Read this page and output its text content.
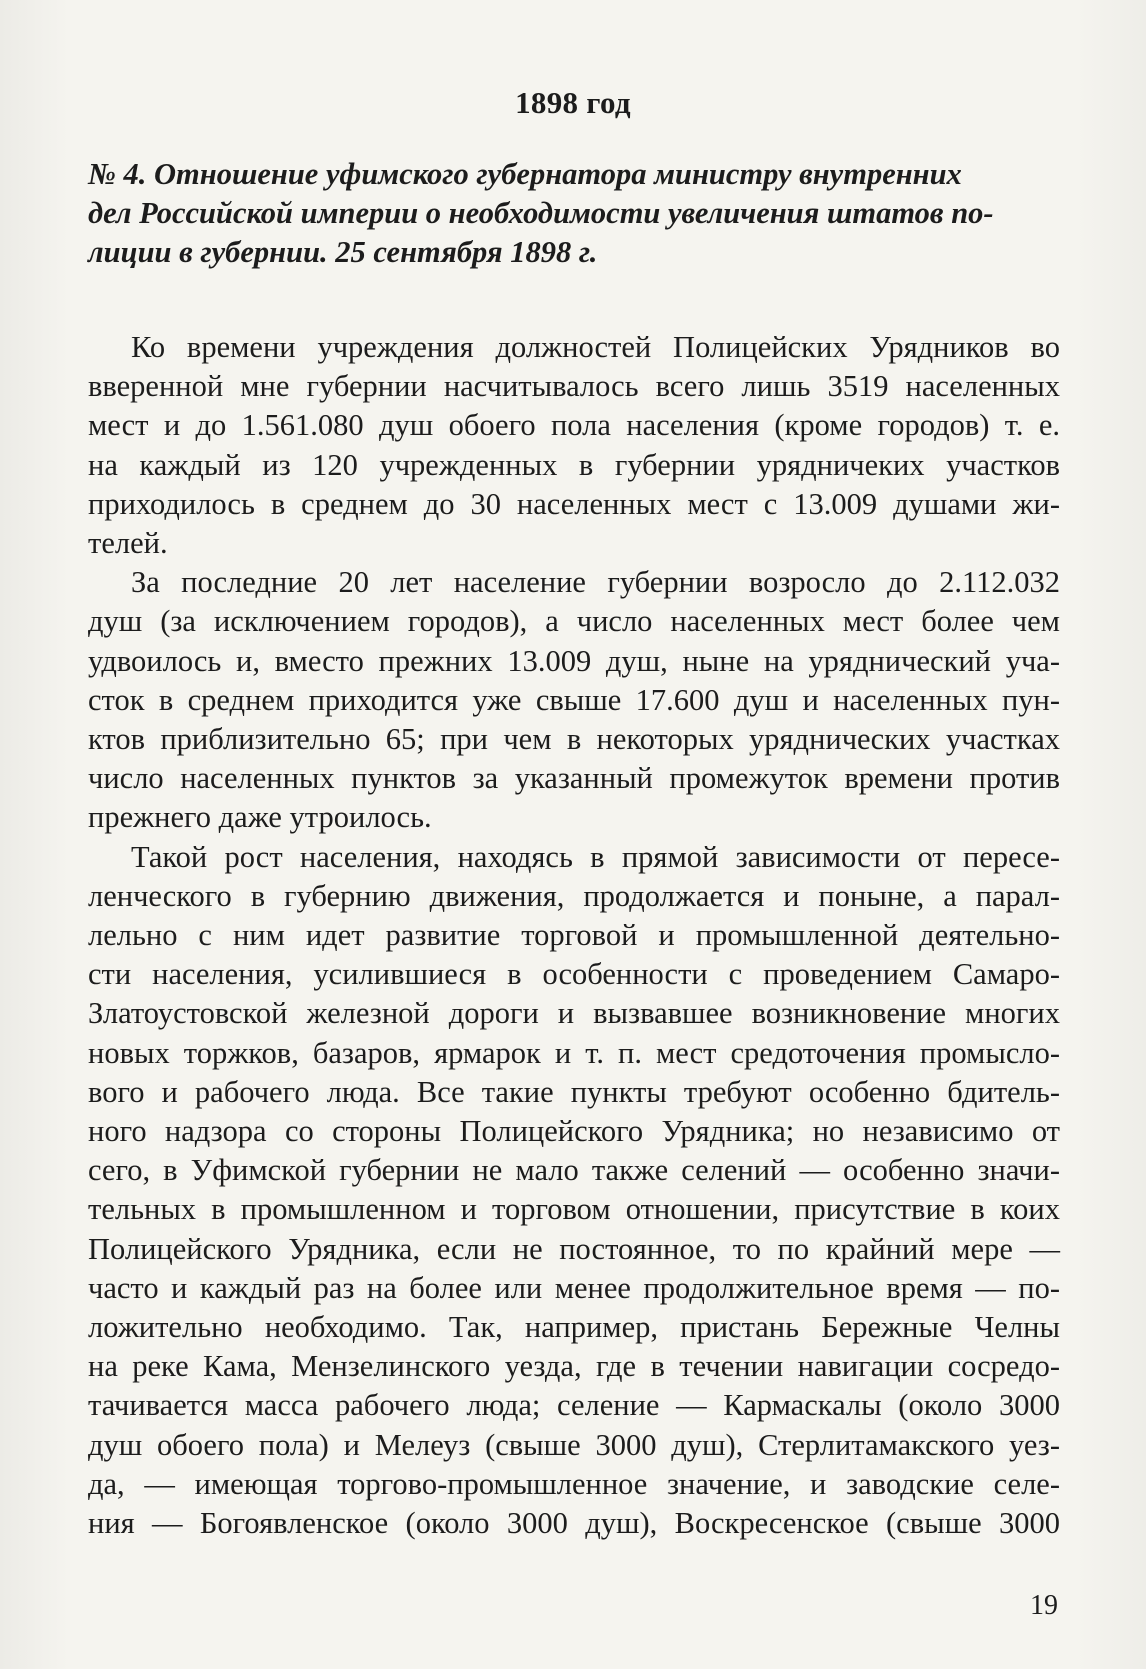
1898 год
№ 4. Отношение уфимского губернатора министру внутренних
дел Российской империи о необходимости увеличения штатов по-
лиции в губернии. 25 сентября 1898 г.
Ко времени учреждения должностей Полицейских Урядников во
вверенной мне губернии насчитывалось всего лишь 3519 населенных
мест и до 1.561.080 душ обоего пола населения (кроме городов) т. е.
на каждый из 120 учрежденных в губернии урядничеких участков
приходилось в среднем до 30 населенных мест с 13.009 душами жи-
телей.
За последние 20 лет население губернии возросло до 2.112.032
душ (за исключением городов), а число населенных мест более чем
удвоилось и, вместо прежних 13.009 душ, ныне на урядничеcкий уча-
сток в среднем приходится уже свыше 17.600 душ и населенных пун-
ктов приблизительно 65; при чем в некоторых урядничеcких участках
число населенных пунктов за указанный промежуток времени против
прежнего даже утроилось.
Такой рост населения, находясь в прямой зависимости от пересе-
ленческого в губернию движения, продолжается и поныне, а парал-
лельно с ним идет развитие торговой и промышленной деятельно-
сти населения, усилившиеся в особенности с проведением Самаро-
Златоустовской железной дороги и вызвавшее возникновение многих
новых торжков, базаров, ярмарок и т. п. мест средоточения промысло-
вого и рабочего люда. Все такие пункты требуют особенно бдитель-
ного надзора со стороны Полицейского Урядника; но независимо от
сего, в Уфимской губернии не мало также селений — особенно значи-
тельных в промышленном и торговом отношении, присутствие в коих
Полицейского Урядника, если не постоянное, то по крайний мере —
часто и каждый раз на более или менее продолжительное время — по-
ложительно необходимо. Так, например, пристань Бережные Челны
на реке Кама, Мензелинского уезда, где в течении навигации сосредо-
тачивается масса рабочего люда; селение — Кармаскалы (около 3000
душ обоего пола) и Мелеуз (свыше 3000 душ), Стерлитамакского уез-
да, — имеющая торгово-промышленное значение, и заводские селе-
ния — Богоявленское (около 3000 душ), Воскресенское (свыше 3000
19
